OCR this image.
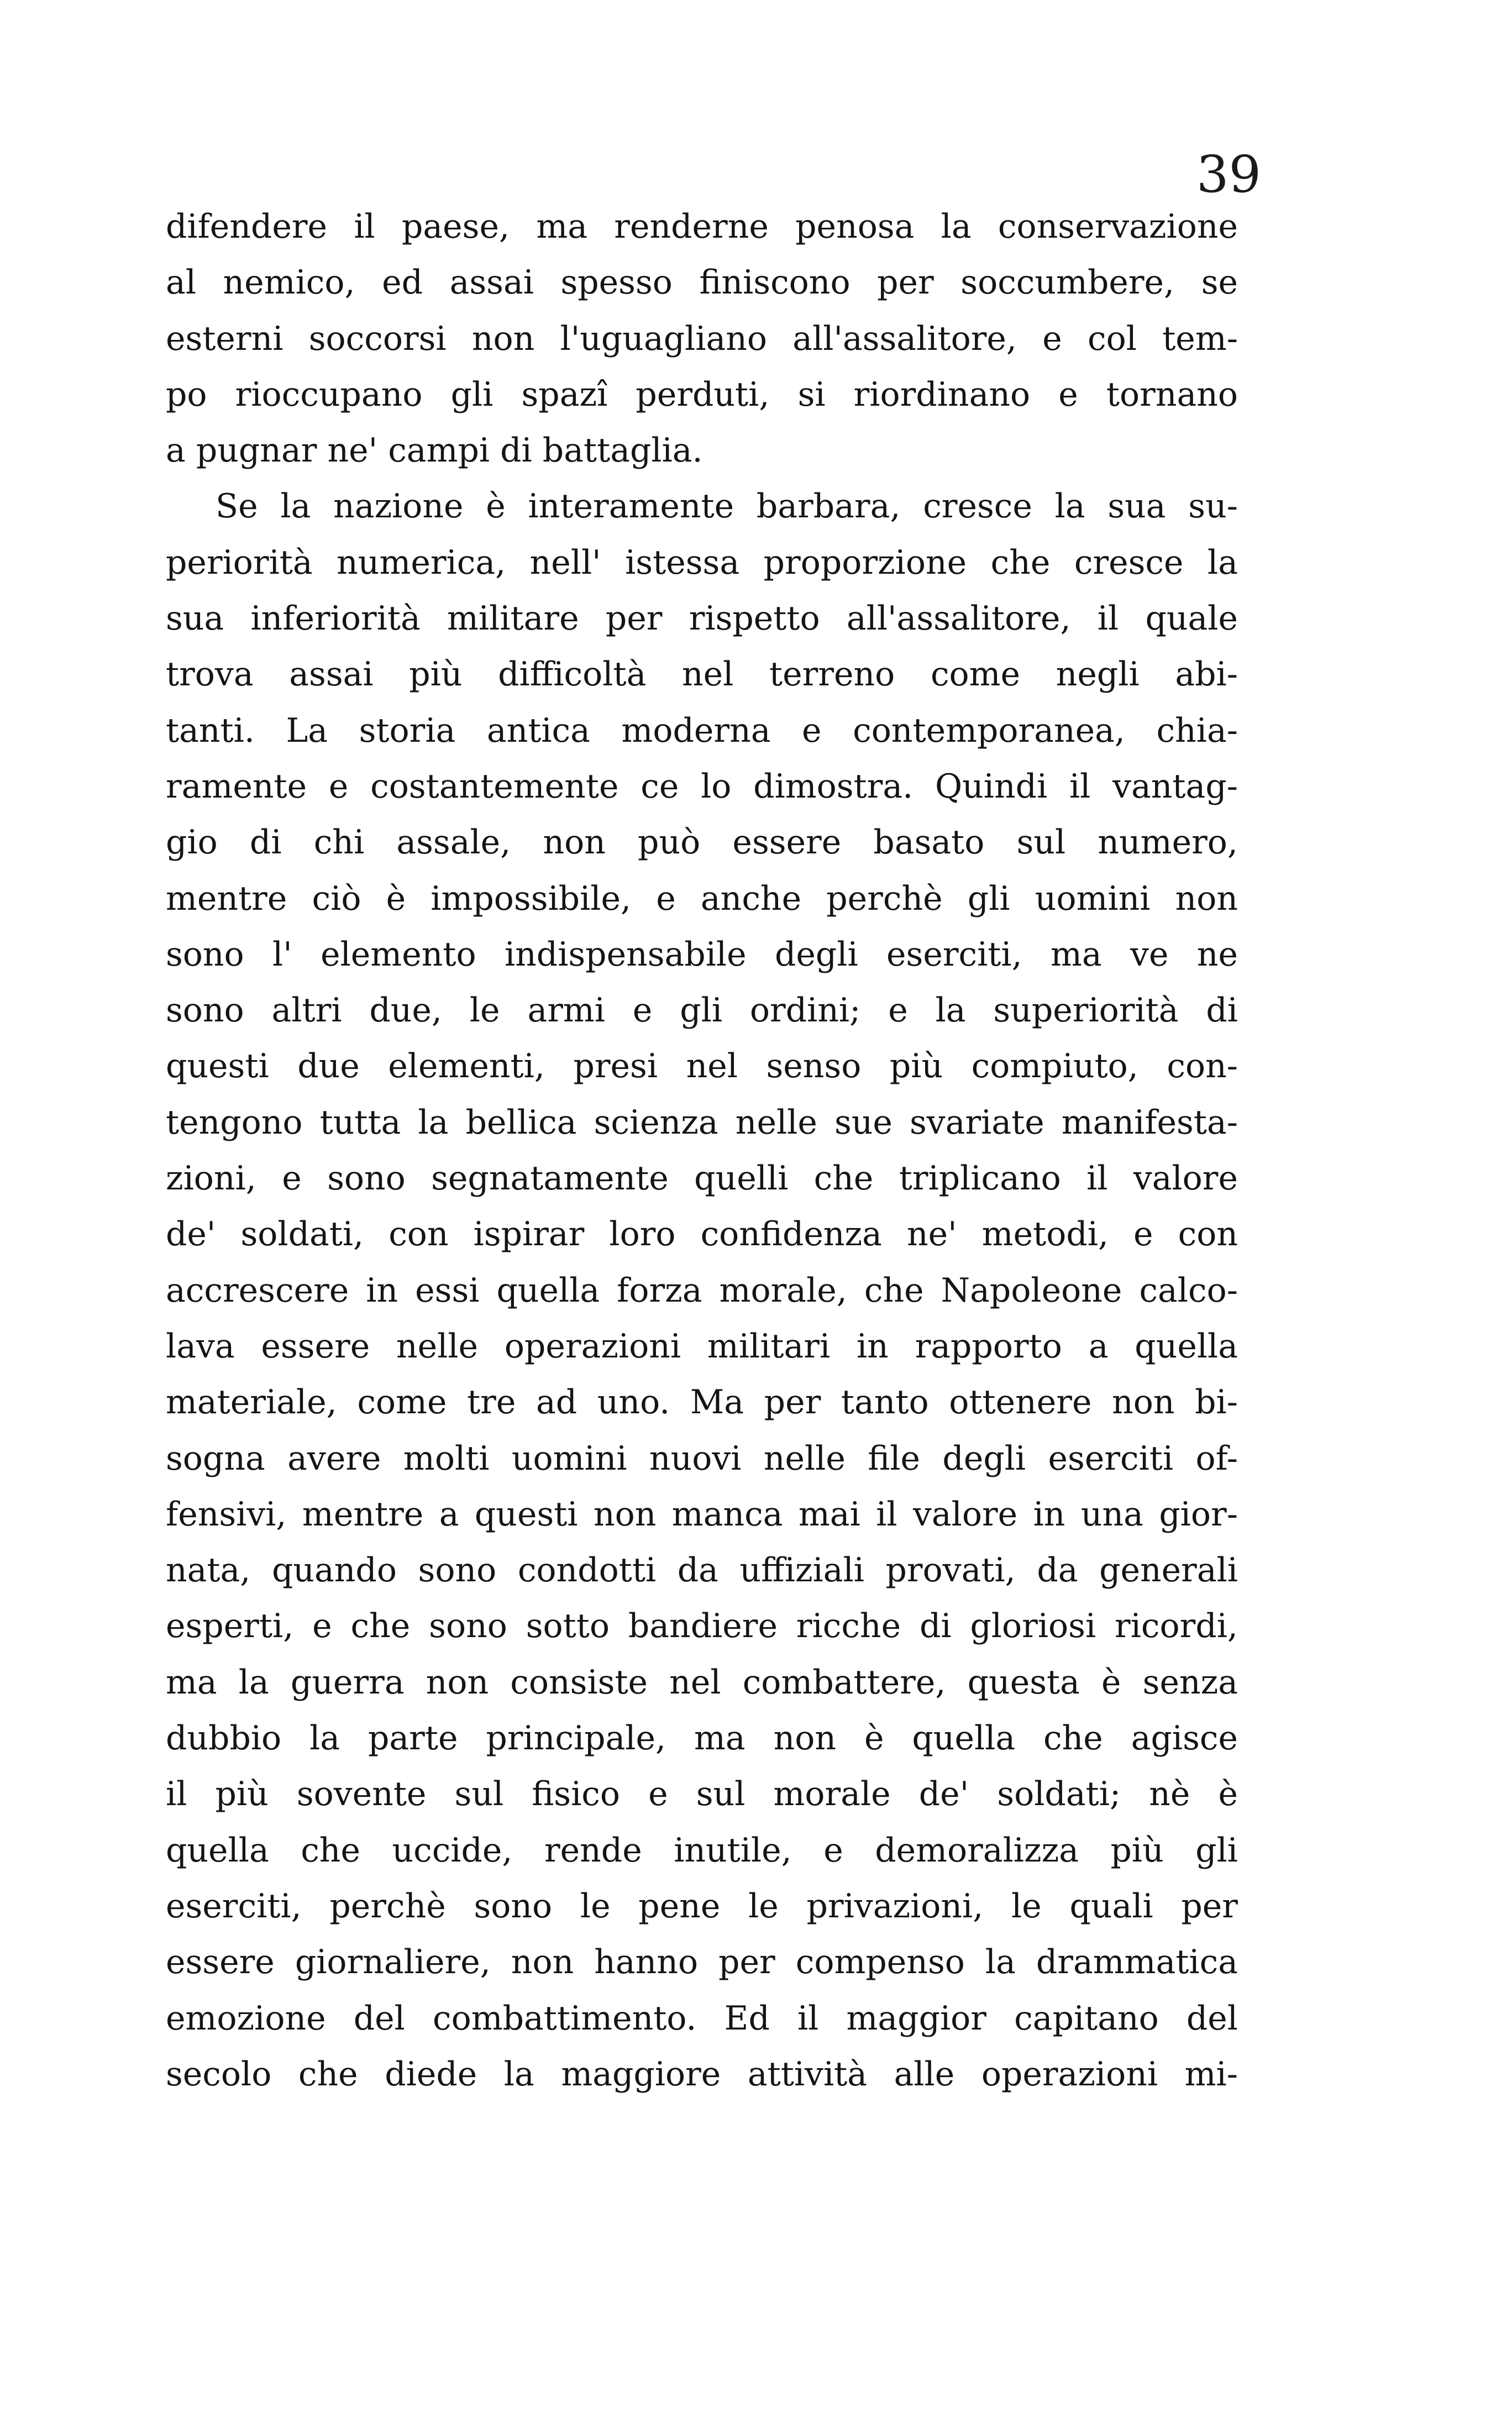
39
difendere il paese, ma renderne penosa la conservazione
al nemico, ed assai spesso finiscono per soccumbere, se
esterni soccorsi non l'uguagliano all'assalitore, e col tem-
po rioccupano gli spazî perduti, si riordinano e tornano
a pugnar ne' campi di battaglia.
Se la nazione è interamente barbara, cresce la sua su-
periorità numerica, nell' istessa proporzione che cresce la
sua inferiorità militare per rispetto all'assalitore, il quale
trova assai più difficoltà nel terreno come negli abi-
tanti. La storia antica moderna e contemporanea, chia-
ramente e costantemente ce lo dimostra. Quindi il vantag-
gio di chi assale, non può essere basato sul numero,
mentre ciò è impossibile, e anche perchè gli uomini non
sono l' elemento indispensabile degli eserciti, ma ve ne
sono altri due, le armi e gli ordini; e la superiorità di
questi due elementi, presi nel senso più compiuto, con-
tengono tutta la bellica scienza nelle sue svariate manifesta-
zioni, e sono segnatamente quelli che triplicano il valore
de' soldati, con ispirar loro confidenza ne' metodi, e con
accrescere in essi quella forza morale, che Napoleone calco-
lava essere nelle operazioni militari in rapporto a quella
materiale, come tre ad uno. Ma per tanto ottenere non bi-
sogna avere molti uomini nuovi nelle file degli eserciti of-
fensivi, mentre a questi non manca mai il valore in una gior-
nata, quando sono condotti da uffiziali provati, da generali
esperti, e che sono sotto bandiere ricche di gloriosi ricordi,
ma la guerra non consiste nel combattere, questa è senza
dubbio la parte principale, ma non è quella che agisce
il più sovente sul fisico e sul morale de' soldati; nè è
quella che uccide, rende inutile, e demoralizza più gli
eserciti, perchè sono le pene le privazioni, le quali per
essere giornaliere, non hanno per compenso la drammatica
emozione del combattimento. Ed il maggior capitano del
secolo che diede la maggiore attività alle operazioni mi-
